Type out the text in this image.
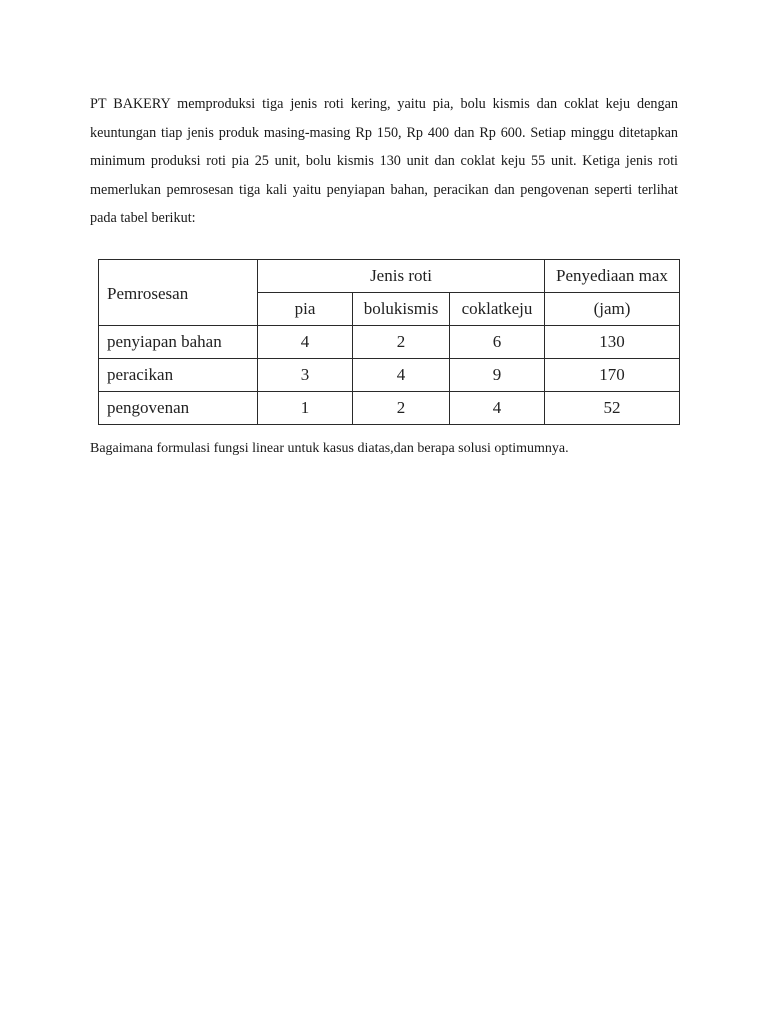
PT BAKERY memproduksi tiga jenis roti kering, yaitu pia, bolu kismis dan coklat keju dengan keuntungan tiap jenis produk masing-masing Rp 150, Rp 400 dan Rp 600. Setiap minggu ditetapkan minimum produksi roti pia 25 unit, bolu kismis 130 unit dan coklat keju 55 unit. Ketiga jenis roti memerlukan pemrosesan tiga kali yaitu penyiapan bahan, peracikan dan pengovenan seperti terlihat pada tabel berikut:

Pemrosesan	Jenis roti			Penyediaan max
	pia	bolukismis	coklatkeju	(jam)
penyiapan bahan	4	2	6	130
peracikan	3	4	9	170
pengovenan	1	2	4	52

Bagaimana formulasi fungsi linear untuk kasus diatas,dan berapa solusi optimumnya.
